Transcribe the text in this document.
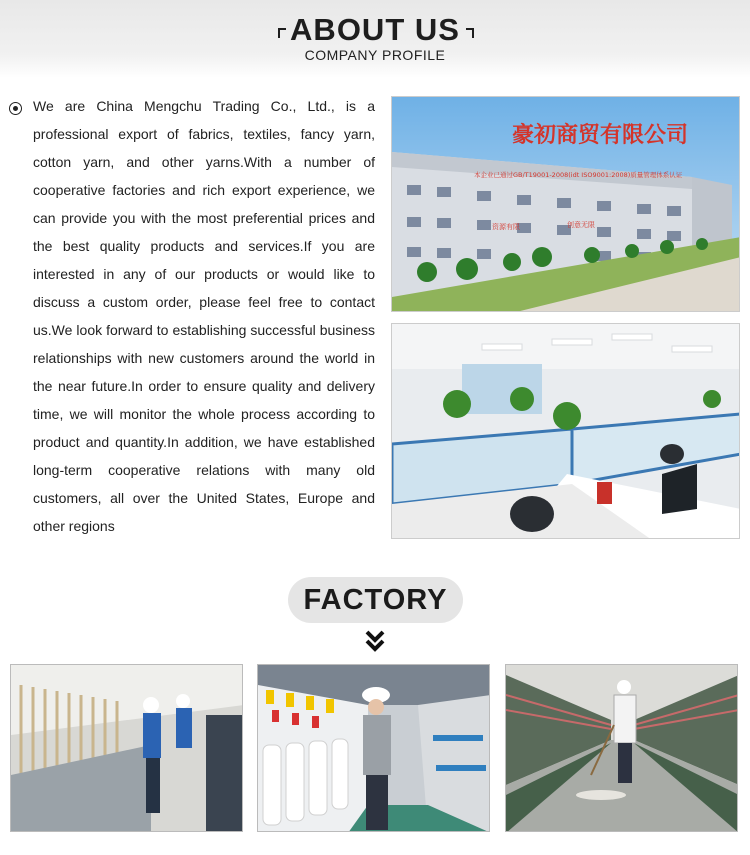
ABOUT US
COMPANY PROFILE

We are China Mengchu Trading Co., Ltd., is a professional export of fabrics, textiles, fancy yarn, cotton yarn, and other yarns.With a number of cooperative factories and rich export experience, we can provide you with the most preferential prices and the best quality products and services.If you are interested in any of our products or would like to discuss a custom order, please feel free to contact us.We look forward to establishing successful business relationships with new customers around the world in the near future.In order to ensure quality and delivery time, we will monitor the whole process according to product and quantity.In addition, we have established long-term cooperative relations with many old customers, all over the United States, Europe and other regions

豪初商贸有限公司
本企业已通过GB/T19001-2008(idt ISO9001:2008)质量管理体系认证
资源有限	创意无限
FACTORY
